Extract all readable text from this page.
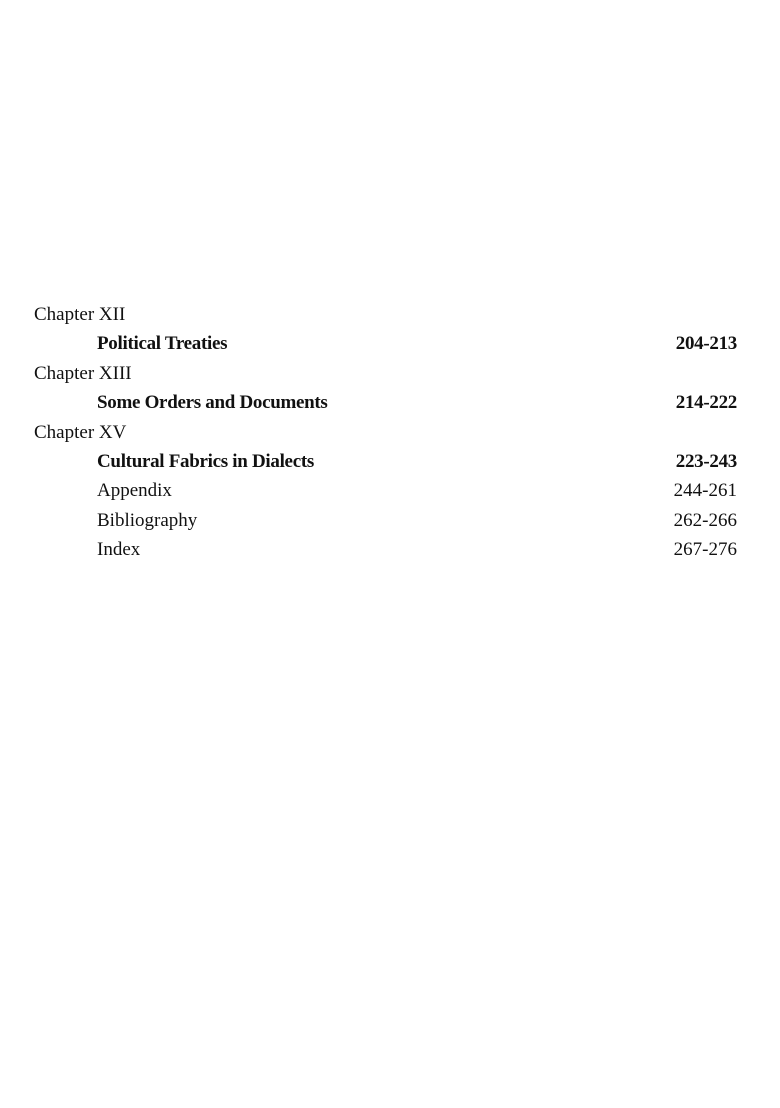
Chapter XII
Political Treaties	204-213
Chapter XIII
Some Orders and Documents	214-222
Chapter XV
Cultural Fabrics in Dialects	223-243
Appendix	244-261
Bibliography	262-266
Index	267-276
